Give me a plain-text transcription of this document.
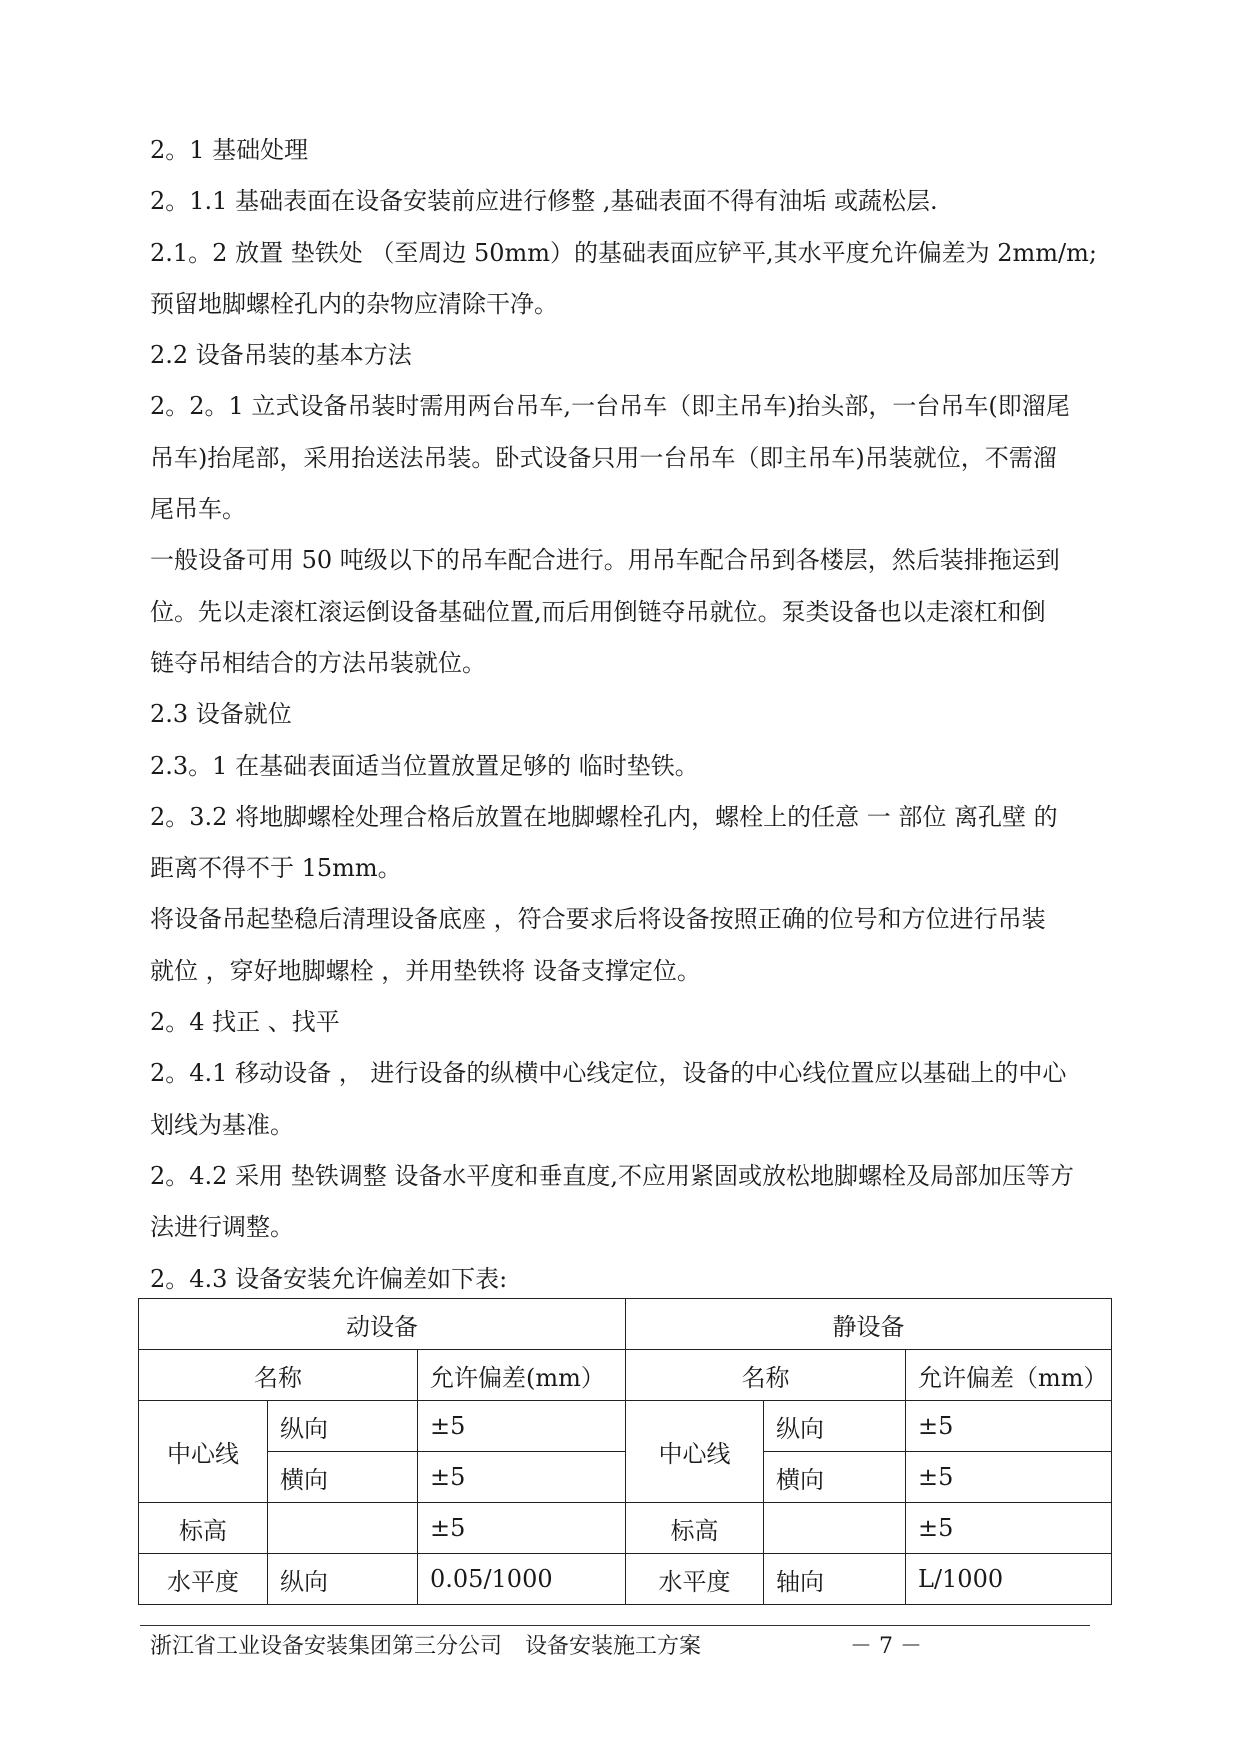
2。1 基础处理

2。1.1 基础表面在设备安装前应进行修整 ,基础表面不得有油垢 或蔬松层.

2.1。2 放置 垫铁处 （至周边 50mm）的基础表面应铲平,其水平度允许偏差为 2mm/m;

预留地脚螺栓孔内的杂物应清除干净。

2.2 设备吊装的基本方法

2。2。1 立式设备吊装时需用两台吊车,一台吊车（即主吊车)抬头部，一台吊车(即溜尾

吊车)抬尾部，采用抬送法吊装。卧式设备只用一台吊车（即主吊车)吊装就位，不需溜

尾吊车。

一般设备可用 50 吨级以下的吊车配合进行。用吊车配合吊到各楼层，然后装排拖运到

位。先以走滚杠滚运倒设备基础位置,而后用倒链夺吊就位。泵类设备也以走滚杠和倒

链夺吊相结合的方法吊装就位。

2.3 设备就位

2.3。1 在基础表面适当位置放置足够的 临时垫铁。

2。3.2 将地脚螺栓处理合格后放置在地脚螺栓孔内，螺栓上的任意 一 部位 离孔壁 的

距离不得不于 15mm。

将设备吊起垫稳后清理设备底座 ，符合要求后将设备按照正确的位号和方位进行吊装

就位 ，穿好地脚螺栓 ，并用垫铁将 设备支撑定位。

2。4 找正 、找平

2。4.1 移动设备 ， 进行设备的纵横中心线定位，设备的中心线位置应以基础上的中心

划线为基准。

2。4.2 采用 垫铁调整 设备水平度和垂直度,不应用紧固或放松地脚螺栓及局部加压等方

法进行调整。

2。4.3 设备安装允许偏差如下表:

动设备			静设备		
名称		允许偏差(mm）	名称		允许偏差（mm）
中心线	纵向	±5	中心线	纵向	±5
	横向	±5		横向	±5
标高		±5	标高		±5
水平度	纵向	0.05/1000	水平度	轴向	L/1000
浙江省工业设备安装集团第三分公司 设备安装施工方案	－ 7 －
